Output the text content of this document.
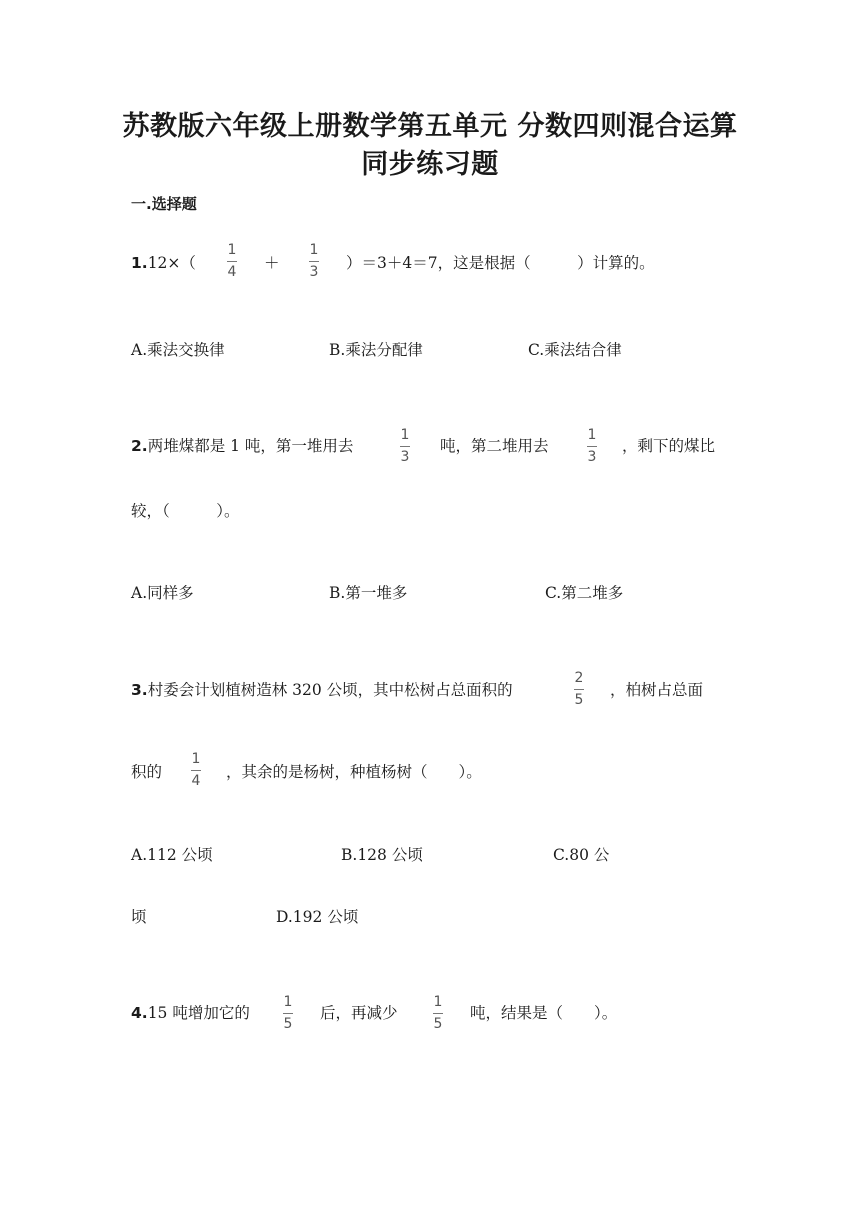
苏教版六年级上册数学第五单元 分数四则混合运算
同步练习题
一.选择题
1.12×（
1
4 ＋
1
3 ）＝3＋4＝7，这是根据（　　　）计算的。
A.乘法交换律	B.乘法分配律	C.乘法结合律
2.两堆煤都是 1 吨，第一堆用去
1
3
吨，第二堆用去
1
3
，剩下的煤比
较，（　　　）。
A.同样多	B.第一堆多	C.第二堆多
3.村委会计划植树造林 320 公顷，其中松树占总面积的
2
5
，柏树占总面
积的
1
4 ，其余的是杨树，种植杨树（　　）。
A.112 公顷	B.128 公顷	C.80 公
顷	D.192 公顷
4.15 吨增加它的
1
5
后，再减少
1
5
吨，结果是（　　）。
